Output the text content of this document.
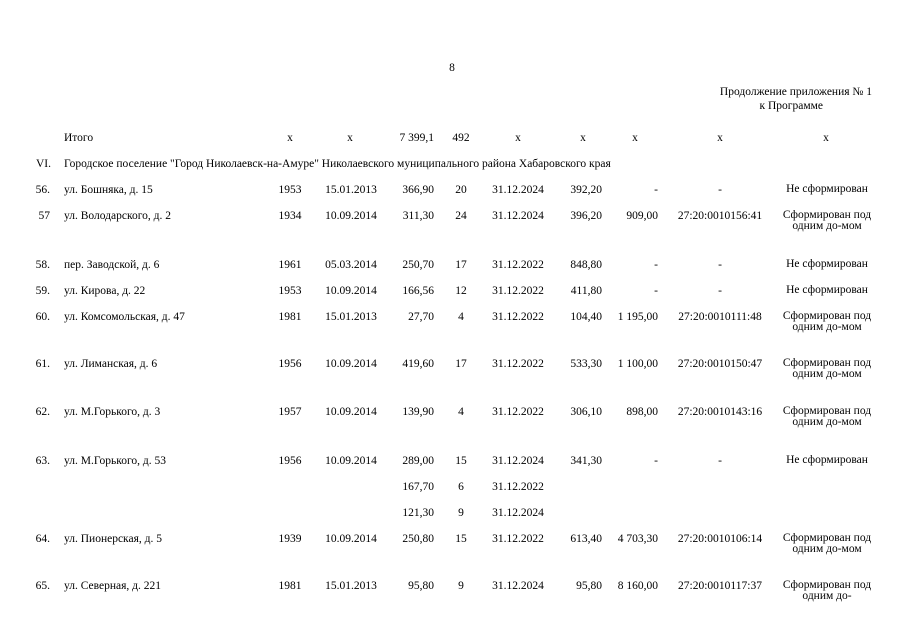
8
Продолжение приложения № 1
к Программе
Итого	х	х	7 399,1	492	х	х	х	х	х
VI. Городское поселение "Город Николаевск-на-Амуре" Николаевского муниципального района Хабаровского края
56. ул. Бошняка, д. 15	1953	15.01.2013	366,90	20	31.12.2024	392,20	-	-	Не сформирован
57 ул. Володарского, д. 2	1934	10.09.2014	311,30	24	31.12.2024	396,20	909,00	27:20:0010156:41	Сформирован под одним до-мом
58. пер. Заводской, д. 6	1961	05.03.2014	250,70	17	31.12.2022	848,80	-	-	Не сформирован
59. ул. Кирова, д. 22	1953	10.09.2014	166,56	12	31.12.2022	411,80	-	-	Не сформирован
60. ул. Комсомольская, д. 47	1981	15.01.2013	27,70	4	31.12.2022	104,40	1 195,00	27:20:0010111:48	Сформирован под одним до-мом
61. ул. Лиманская, д. 6	1956	10.09.2014	419,60	17	31.12.2022	533,30	1 100,00	27:20:0010150:47	Сформирован под одним до-мом
62. ул. М.Горького, д. 3	1957	10.09.2014	139,90	4	31.12.2022	306,10	898,00	27:20:0010143:16	Сформирован под одним до-мом
63. ул. М.Горького, д. 53	1956	10.09.2014	289,00	15	31.12.2024	341,30	-	-	Не сформирован
167,70	6	31.12.2022
121,30	9	31.12.2024
64. ул. Пионерская, д. 5	1939	10.09.2014	250,80	15	31.12.2022	613,40	4 703,30	27:20:0010106:14	Сформирован под одним до-мом
65. ул. Северная, д. 221	1981	15.01.2013	95,80	9	31.12.2024	95,80	8 160,00	27:20:0010117:37	Сформирован под одним до-
